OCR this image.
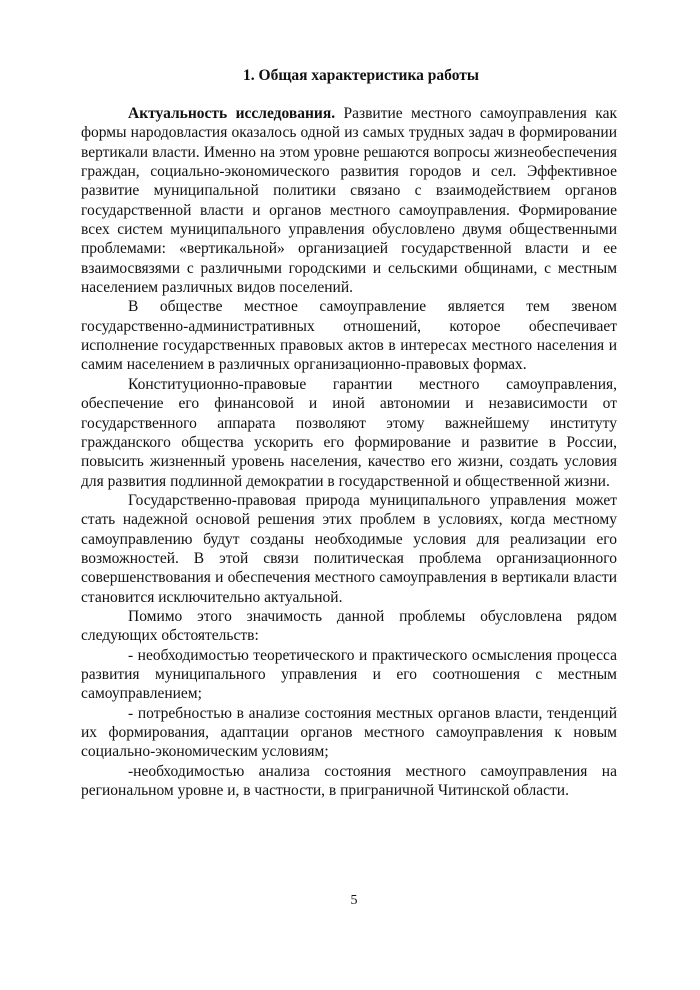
1. Общая характеристика работы

Актуальность исследования. Развитие местного самоуправления как формы народовластия оказалось одной из самых трудных задач в формировании вертикали власти. Именно на этом уровне решаются вопросы жизнеобеспечения граждан, социально-экономического развития городов и сел. Эффективное развитие муниципальной политики связано с взаимодействием органов государственной власти и органов местного самоуправления. Формирование всех систем муниципального управления обусловлено двумя общественными проблемами: «вертикальной» организацией государственной власти и ее взаимосвязями с различными городскими и сельскими общинами, с местным населением различных видов поселений.

В обществе местное самоуправление является тем звеном государственно-административных отношений, которое обеспечивает исполнение государственных правовых актов в интересах местного населения и самим населением в различных организационно-правовых формах.

Конституционно-правовые гарантии местного самоуправления, обеспечение его финансовой и иной автономии и независимости от государственного аппарата позволяют этому важнейшему институту гражданского общества ускорить его формирование и развитие в России, повысить жизненный уровень населения, качество его жизни, создать условия для развития подлинной демократии в государственной и общественной жизни.

Государственно-правовая природа муниципального управления может стать надежной основой решения этих проблем в условиях, когда местному самоуправлению будут созданы необходимые условия для реализации его возможностей. В этой связи политическая проблема организационного совершенствования и обеспечения местного самоуправления в вертикали власти становится исключительно актуальной.

Помимо этого значимость данной проблемы обусловлена рядом следующих обстоятельств:

- необходимостью теоретического и практического осмысления процесса развития муниципального управления и его соотношения с местным самоуправлением;

- потребностью в анализе состояния местных органов власти, тенденций их формирования, адаптации органов местного самоуправления к новым социально-экономическим условиям;

-необходимостью анализа состояния местного самоуправления на региональном уровне и, в частности, в приграничной Читинской области.

5
